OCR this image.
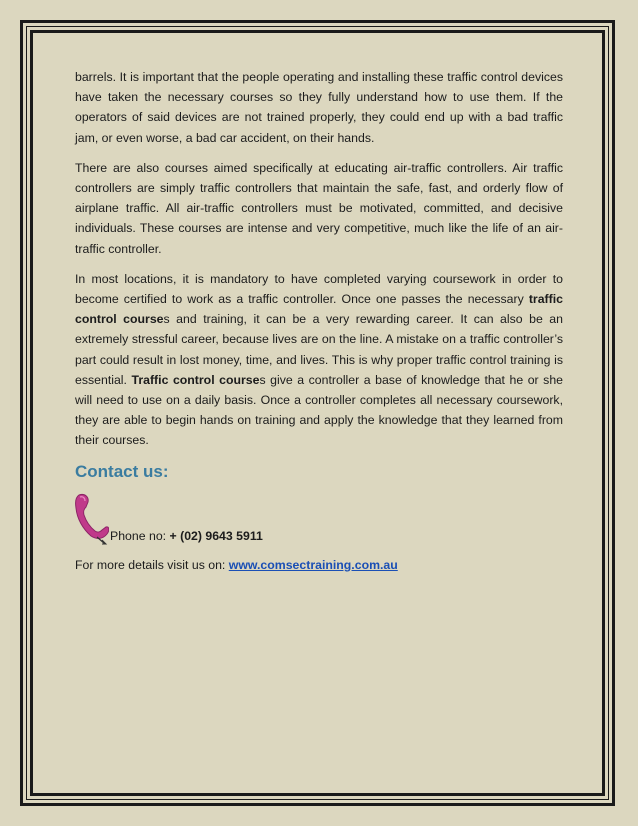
barrels. It is important that the people operating and installing these traffic control devices have taken the necessary courses so they fully understand how to use them. If the operators of said devices are not trained properly, they could end up with a bad traffic jam, or even worse, a bad car accident, on their hands.

There are also courses aimed specifically at educating air-traffic controllers. Air traffic controllers are simply traffic controllers that maintain the safe, fast, and orderly flow of airplane traffic. All air-traffic controllers must be motivated, committed, and decisive individuals. These courses are intense and very competitive, much like the life of an air-traffic controller.

In most locations, it is mandatory to have completed varying coursework in order to become certified to work as a traffic controller. Once one passes the necessary traffic control courses and training, it can be a very rewarding career. It can also be an extremely stressful career, because lives are on the line. A mistake on a traffic controller’s part could result in lost money, time, and lives. This is why proper traffic control training is essential. Traffic control courses give a controller a base of knowledge that he or she will need to use on a daily basis. Once a controller completes all necessary coursework, they are able to begin hands on training and apply the knowledge that they learned from their courses.

Contact us:
Phone no: + (02) 9643 5911
For more details visit us on: www.comsectraining.com.au
